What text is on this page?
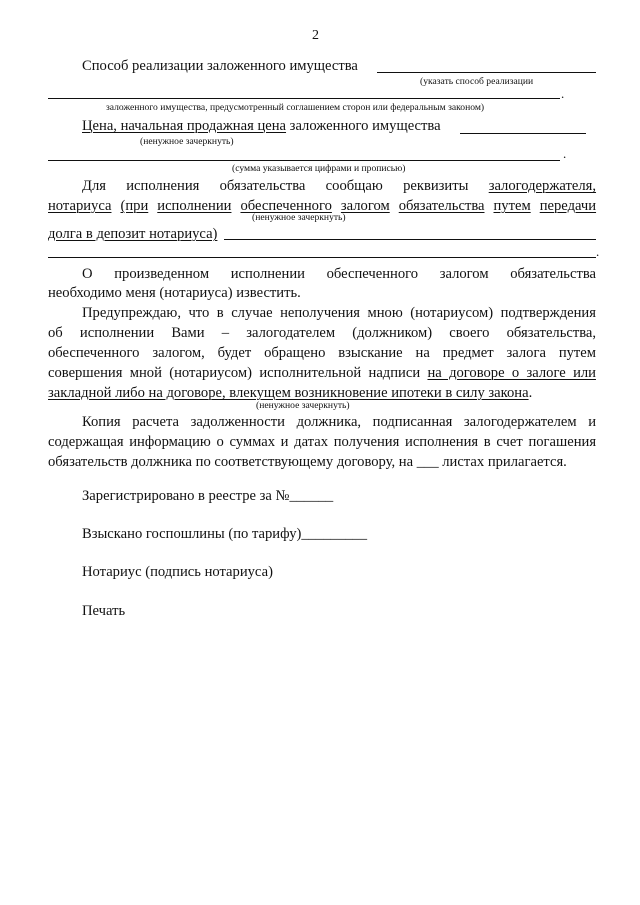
2
Способ реализации заложенного имущества
(указать способ реализации
.
заложенного имущества, предусмотренный соглашением сторон или федеральным законом)
Цена, начальная продажная цена заложенного имущества
(ненужное зачеркнуть)
.
(сумма указывается цифрами и прописью)
Для исполнения обязательства сообщаю реквизиты залогодержателя,
нотариуса (при исполнении обеспеченного залогом обязательства путем передачи
(ненужное зачеркнуть)
долга в депозит нотариуса)
.
О произведенном исполнении обеспеченного залогом обязательства
необходимо меня (нотариуса) известить.
Предупреждаю, что в случае неполучения мною (нотариусом) подтверждения
об исполнении Вами – залогодателем (должником) своего обязательства,
обеспеченного залогом, будет обращено взыскание на предмет залога путем
совершения мной (нотариусом) исполнительной надписи на договоре о залоге или
закладной либо на договоре, влекущем возникновение ипотеки в силу закона.
(ненужное зачеркнуть)
Копия расчета задолженности должника, подписанная залогодержателем и
содержащая информацию о суммах и датах получения исполнения в счет погашения
обязательств должника по соответствующему договору, на ___ листах прилагается.
Зарегистрировано в реестре за №______
Взыскано госпошлины (по тарифу)_________
Нотариус (подпись нотариуса)
Печать
